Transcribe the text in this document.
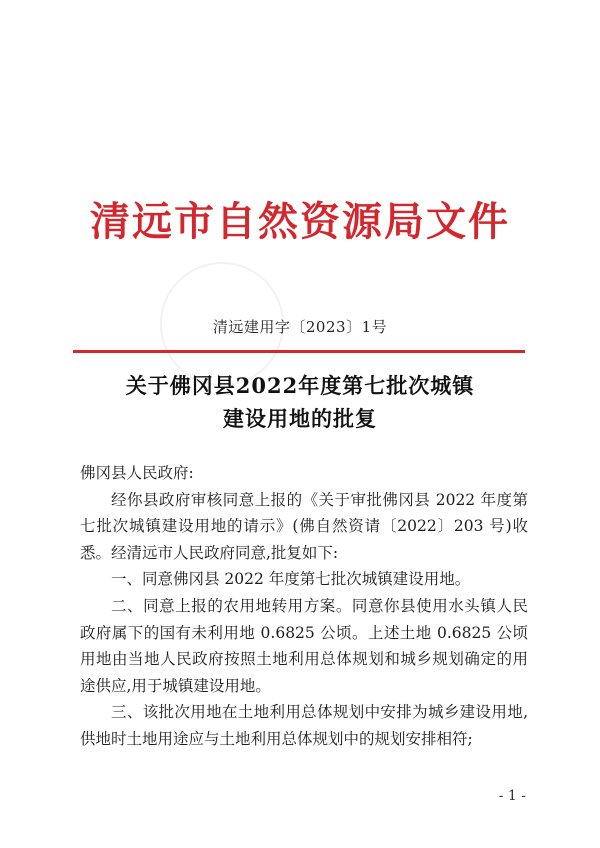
清远市自然资源局文件
清远建用字〔2023〕1号
关于佛冈县2022年度第七批次城镇
建设用地的批复

佛冈县人民政府:

经你县政府审核同意上报的《关于审批佛冈县 2022 年度第七批次城镇建设用地的请示》(佛自然资请〔2022〕203 号)收悉。经清远市人民政府同意,批复如下:

一、同意佛冈县 2022 年度第七批次城镇建设用地。

二、同意上报的农用地转用方案。同意你县使用水头镇人民政府属下的国有未利用地 0.6825 公顷。上述土地 0.6825 公顷用地由当地人民政府按照土地利用总体规划和城乡规划确定的用途供应,用于城镇建设用地。

三、该批次用地在土地利用总体规划中安排为城乡建设用地,供地时土地用途应与土地利用总体规划中的规划安排相符;

- 1 -
